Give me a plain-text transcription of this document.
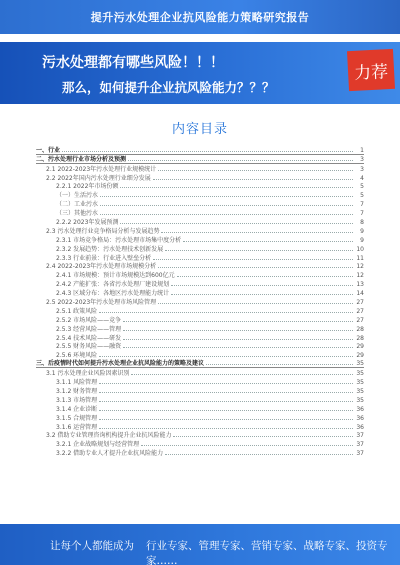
提升污水处理企业抗风险能力策略研究报告
污水处理都有哪些风险！！！
那么，如何提升企业抗风险能力？？？
力荐
内容目录
一、行业	1
二、污水处理行业市场分析及预测	3
2.1 2022-2023年污水处理行业规模统计	3
2.2 2022年国内污水处理行业细分发展	4
2.2.1 2022年市场份额	5
（一）生活污水	5
（二）工业污水	7
（三）其他污水	7
2.2.2 2023年发展预测	8
2.3 污水处理行业竞争格局分析与发展趋势	9
2.3.1 市场竞争格局：污水处理市场集中度分析	9
2.3.2 发展趋势：污水处理技术创新发展	10
2.3.3 行业前景：行业进入壁垒分析	11
2.4 2022-2023年污水处理市场规模分析	12
2.4.1 市场规模：预计市场规模达到600亿元	12
2.4.2 产能扩张：各省污水处理厂建设规划	13
2.4.3 区域分布：各地区污水处理能力统计	14
2.5 2022-2023年污水处理市场风险管理	27
2.5.1 政策风险	27
2.5.2 市场风险——竞争	27
2.5.3 经营风险——管理	28
2.5.4 技术风险——研发	28
2.5.5 财务风险——融资	29
2.5.6 环境风险	29
三、后疫情时代如何提升污水处理企业抗风险能力的策略及建议	35
3.1 污水处理企业风险因素识别	35
3.1.1 风险管理	35
3.1.2 财务管理	35
3.1.3 市场管理	35
3.1.4 企业诊断	36
3.1.5 合规管理	36
3.1.6 运营管理	36
3.2 借助专业管理咨询机构提升企业抗风险能力	37
3.2.1 企业战略规划与经营管理	37
3.2.2 借助专业人才提升企业抗风险能力	37
让每个人都能成为 行业专家、管理专家、营销专家、战略专家、投资专家……
